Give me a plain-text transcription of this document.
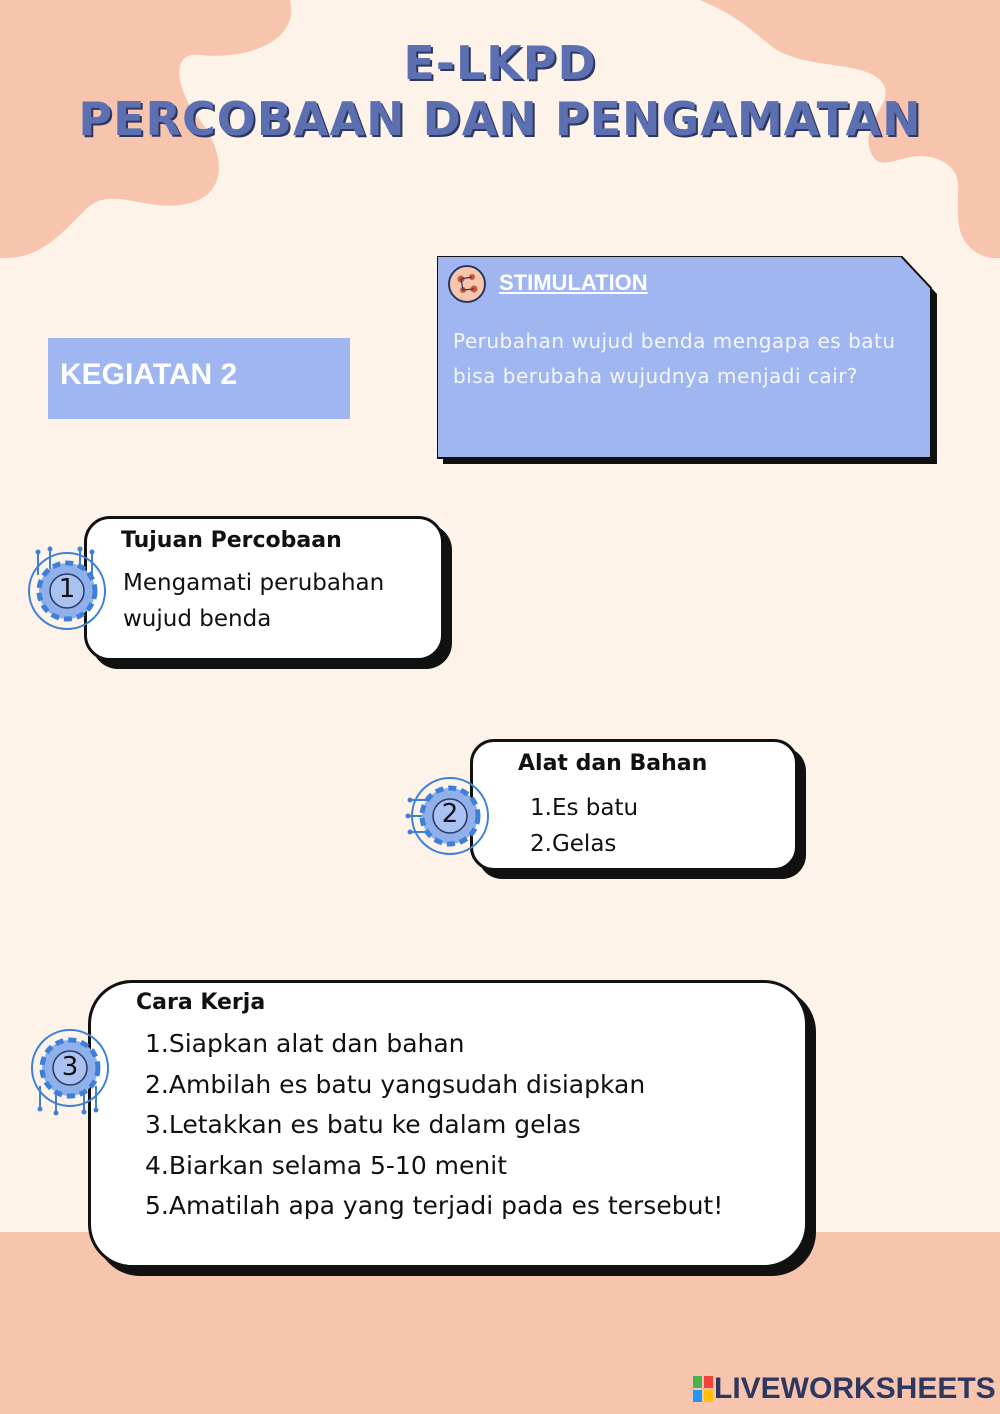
E-LKPD
PERCOBAAN DAN PENGAMATAN
KEGIATAN 2
STIMULATION
Perubahan wujud benda mengapa es batu bisa berubaha wujudnya menjadi cair?
Tujuan Percobaan
Mengamati perubahan
wujud benda
1
Alat dan Bahan
1. Es batu
2. Gelas
2
Cara Kerja
1. Siapkan alat dan bahan
2. Ambilah es batu yangsudah disiapkan
3. Letakkan es batu ke dalam gelas
4. Biarkan selama 5-10 menit
5. Amatilah apa yang terjadi pada es tersebut!
3
LIVEWORKSHEETS
